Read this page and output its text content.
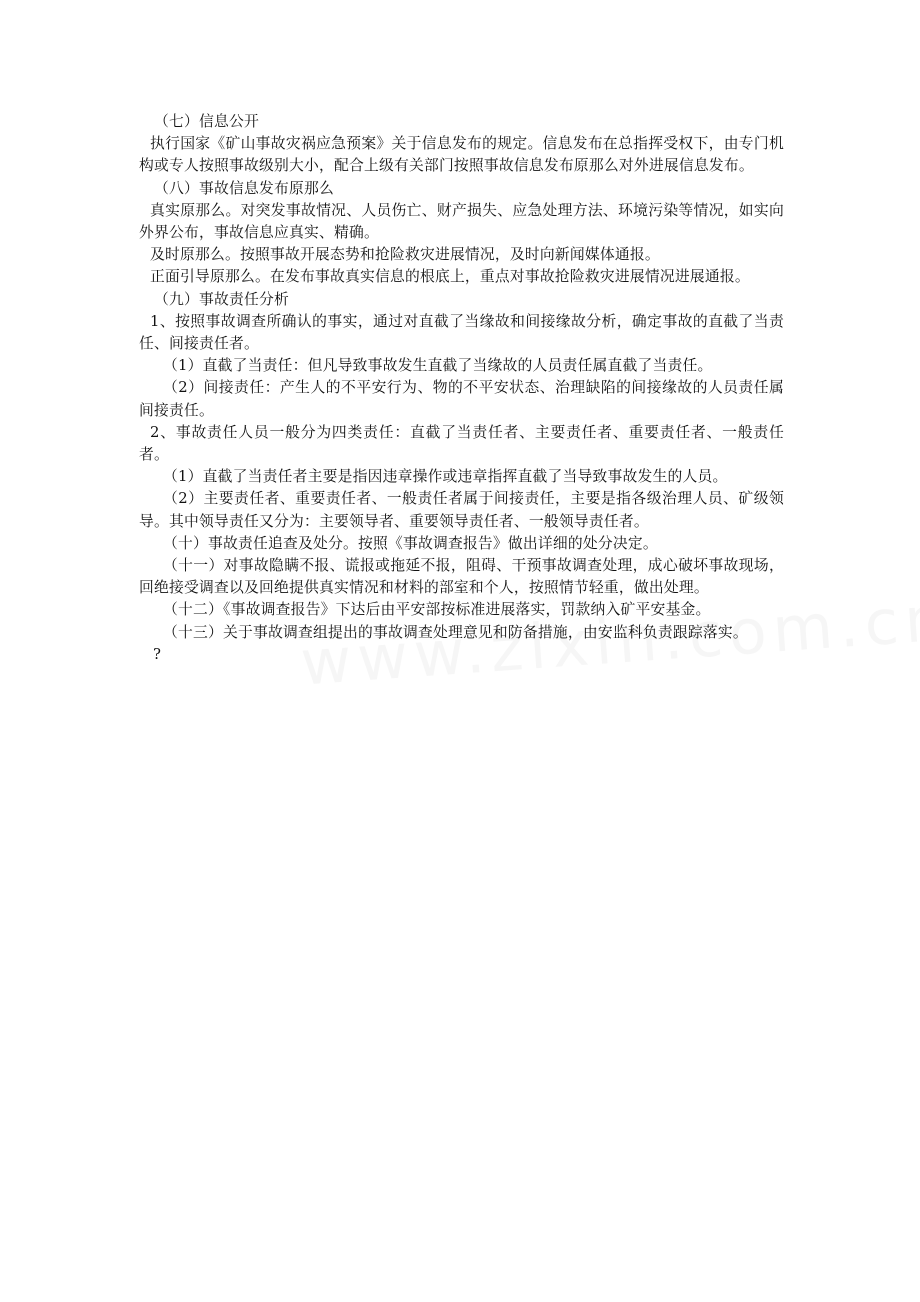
（七）信息公开

执行国家《矿山事故灾祸应急预案》关于信息发布的规定。信息发布在总指挥受权下，由专门机构或专人按照事故级别大小，配合上级有关部门按照事故信息发布原那么对外进展信息发布。

（八）事故信息发布原那么

真实原那么。对突发事故情况、人员伤亡、财产损失、应急处理方法、环境污染等情况，如实向外界公布，事故信息应真实、精确。

及时原那么。按照事故开展态势和抢险救灾进展情况，及时向新闻媒体通报。

正面引导原那么。在发布事故真实信息的根底上，重点对事故抢险救灾进展情况进展通报。

（九）事故责任分析

1、按照事故调查所确认的事实，通过对直截了当缘故和间接缘故分析，确定事故的直截了当责任、间接责任者。

（1）直截了当责任：但凡导致事故发生直截了当缘故的人员责任属直截了当责任。

（2）间接责任：产生人的不平安行为、物的不平安状态、治理缺陷的间接缘故的人员责任属间接责任。

2、事故责任人员一般分为四类责任：直截了当责任者、主要责任者、重要责任者、一般责任者。

（1）直截了当责任者主要是指因违章操作或违章指挥直截了当导致事故发生的人员。

（2）主要责任者、重要责任者、一般责任者属于间接责任，主要是指各级治理人员、矿级领导。其中领导责任又分为：主要领导者、重要领导责任者、一般领导责任者。

（十）事故责任追查及处分。按照《事故调查报告》做出详细的处分决定。

（十一）对事故隐瞒不报、谎报或拖延不报，阻碍、干预事故调查处理，成心破坏事故现场，回绝接受调查以及回绝提供真实情况和材料的部室和个人，按照情节轻重，做出处理。

（十二）《事故调查报告》下达后由平安部按标准进展落实，罚款纳入矿平安基金。

（十三）关于事故调查组提出的事故调查处理意见和防备措施，由安监科负责跟踪落实。

?
